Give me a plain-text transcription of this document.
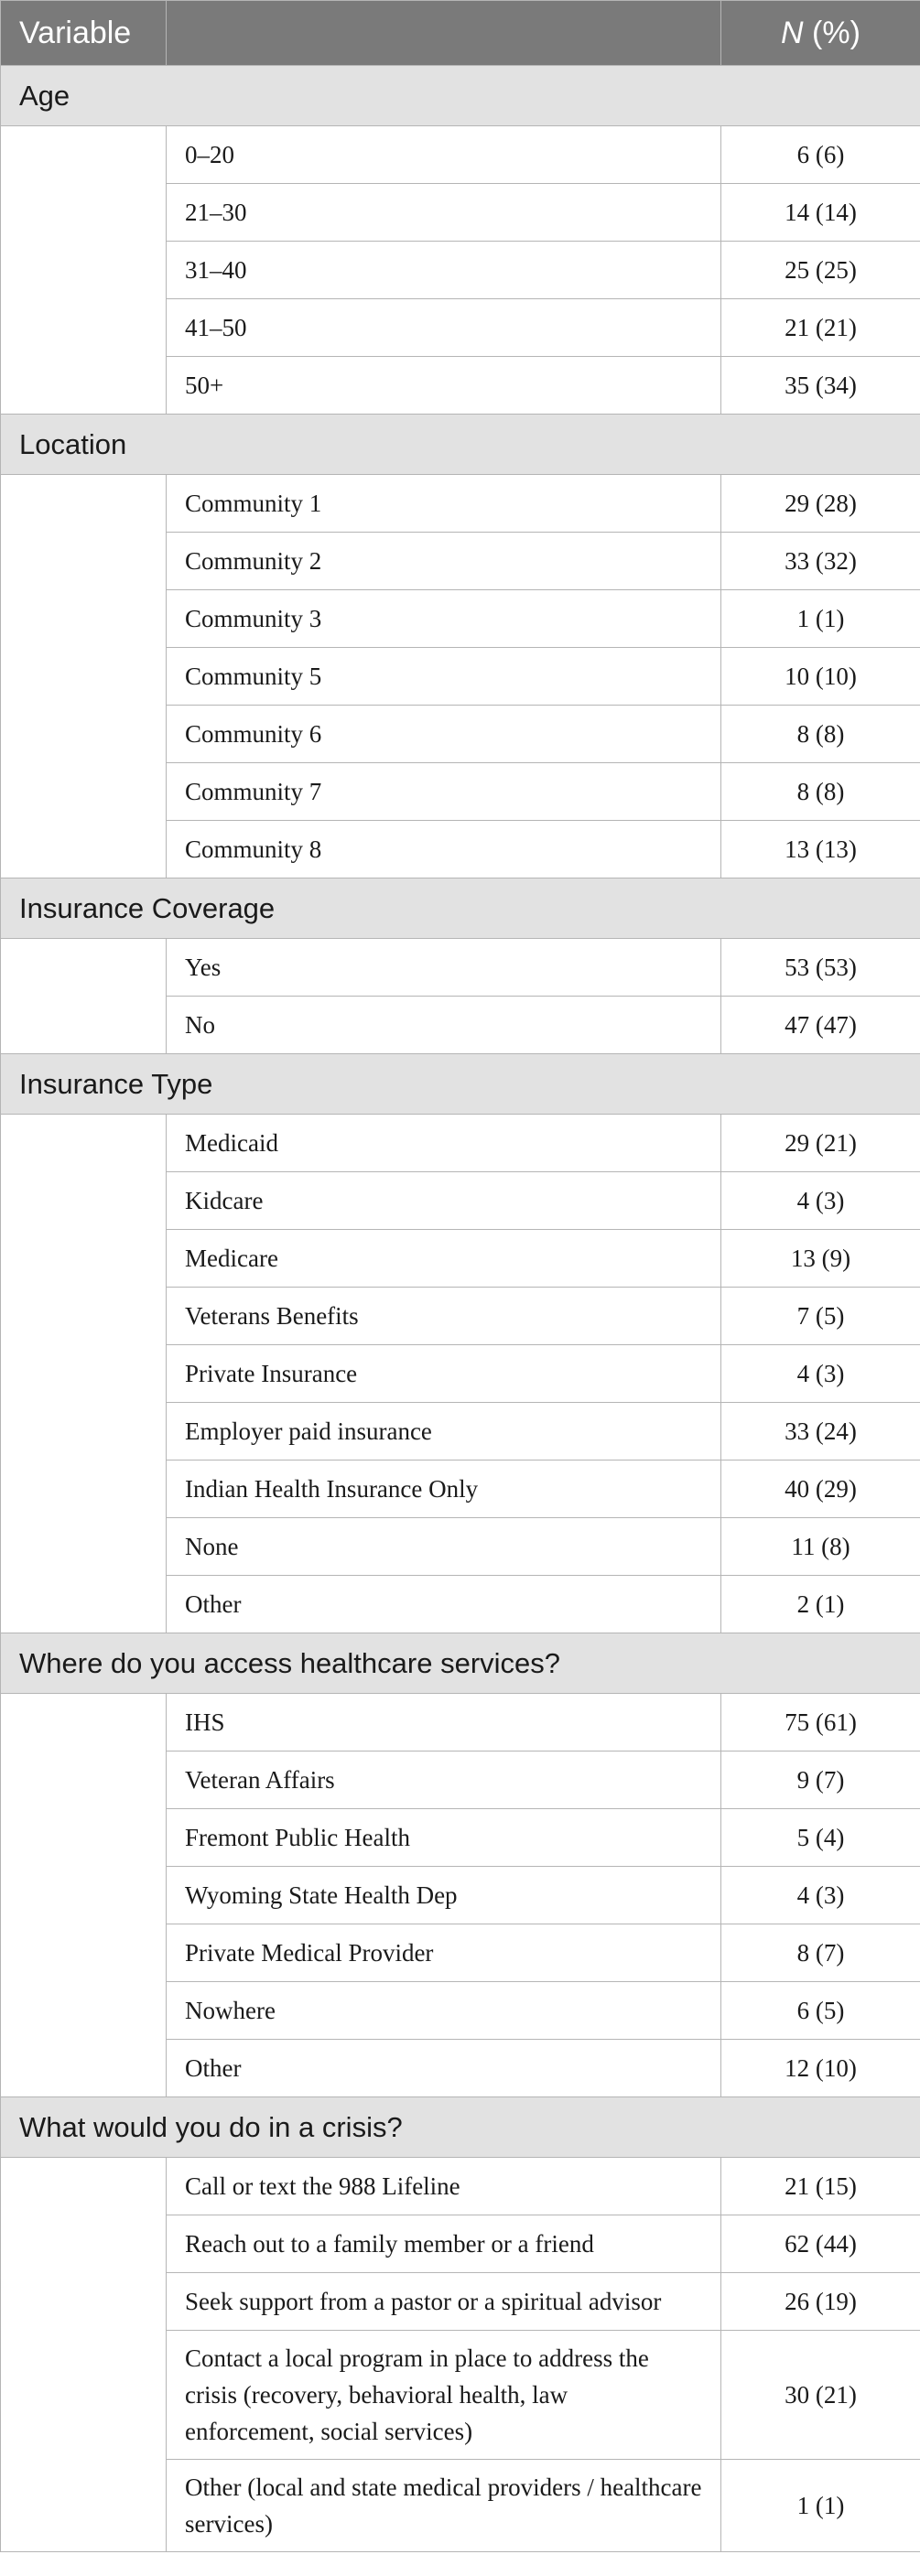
Variable		N (%)
Age		
	0–20	6 (6)
	21–30	14 (14)
	31–40	25 (25)
	41–50	21 (21)
	50+	35 (34)
Location		
	Community 1	29 (28)
	Community 2	33 (32)
	Community 3	1 (1)
	Community 5	10 (10)
	Community 6	8 (8)
	Community 7	8 (8)
	Community 8	13 (13)
Insurance Coverage		
	Yes	53 (53)
	No	47 (47)
Insurance Type		
	Medicaid	29 (21)
	Kidcare	4 (3)
	Medicare	13 (9)
	Veterans Benefits	7 (5)
	Private Insurance	4 (3)
	Employer paid insurance	33 (24)
	Indian Health Insurance Only	40 (29)
	None	11 (8)
	Other	2 (1)
Where do you access healthcare services?		
	IHS	75 (61)
	Veteran Affairs	9 (7)
	Fremont Public Health	5 (4)
	Wyoming State Health Dep	4 (3)
	Private Medical Provider	8 (7)
	Nowhere	6 (5)
	Other	12 (10)
What would you do in a crisis?		
	Call or text the 988 Lifeline	21 (15)
	Reach out to a family member or a friend	62 (44)
	Seek support from a pastor or a spiritual advisor	26 (19)
	Contact a local program in place to address the crisis (recovery, behavioral health, law enforcement, social services)	30 (21)
	Other (local and state medical providers / healthcare services)	1 (1)
